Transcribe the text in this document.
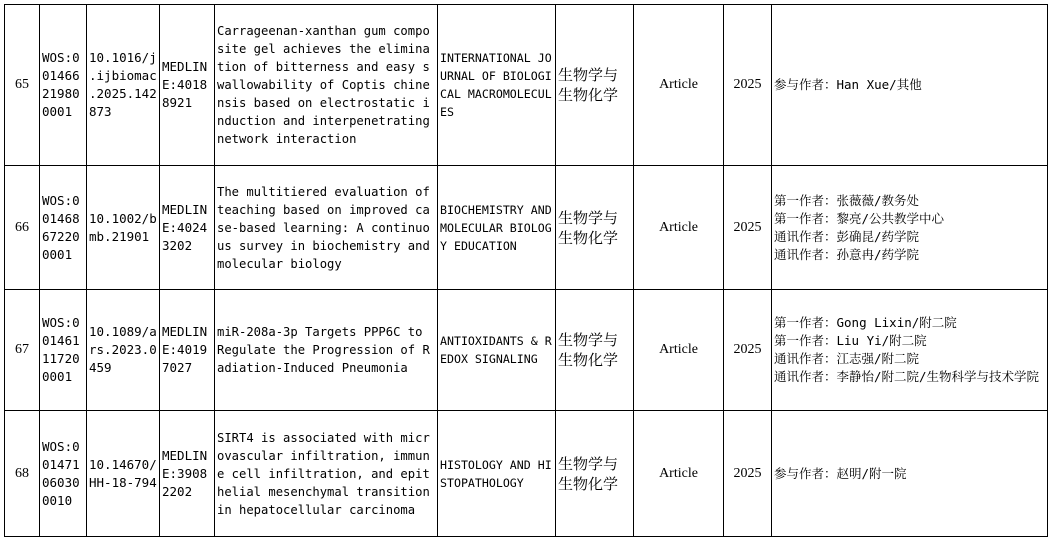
65	WOS:0
01466
21980
0001	10.1016/j
.ijbiomac
.2025.142
873	MEDLIN
E:4018
8921	Carrageenan-xanthan gum composite gel achieves the elimination of bitterness and easy swallowability of Coptis chinensis based on electrostatic induction and interpenetrating network interaction	INTERNATIONAL JOURNAL OF BIOLOGICAL MACROMOLECULES	生物学与生物化学	Article	2025	参与作者：Han Xue/其他

66	WOS:0
01468
67220
0001	10.1002/b
mb.21901	MEDLIN
E:4024
3202	The multitiered evaluation of teaching based on improved case-based learning: A continuous survey in biochemistry and molecular biology	BIOCHEMISTRY AND MOLECULAR BIOLOGY EDUCATION	生物学与生物化学	Article	2025	第一作者：张薇薇/教务处
第一作者：黎亮/公共教学中心
通讯作者：彭确昆/药学院
通讯作者：孙意冉/药学院

67	WOS:0
01461
11720
0001	10.1089/a
rs.2023.0
459	MEDLIN
E:4019
7027	miR-208a-3p Targets PPP6C to Regulate the Progression of Radiation-Induced Pneumonia	ANTIOXIDANTS & REDOX SIGNALING	生物学与生物化学	Article	2025	第一作者：Gong Lixin/附二院
第一作者：Liu Yi/附二院
通讯作者：江志强/附二院
通讯作者：李静怡/附二院/生物科学与技术学院

68	WOS:0
01471
06030
0010	10.14670/
HH-18-794	MEDLIN
E:3908
2202	SIRT4 is associated with microvascular infiltration, immune cell infiltration, and epithelial mesenchymal transition in hepatocellular carcinoma	HISTOLOGY AND HISTOPATHOLOGY	生物学与生物化学	Article	2025	参与作者：赵明/附一院
